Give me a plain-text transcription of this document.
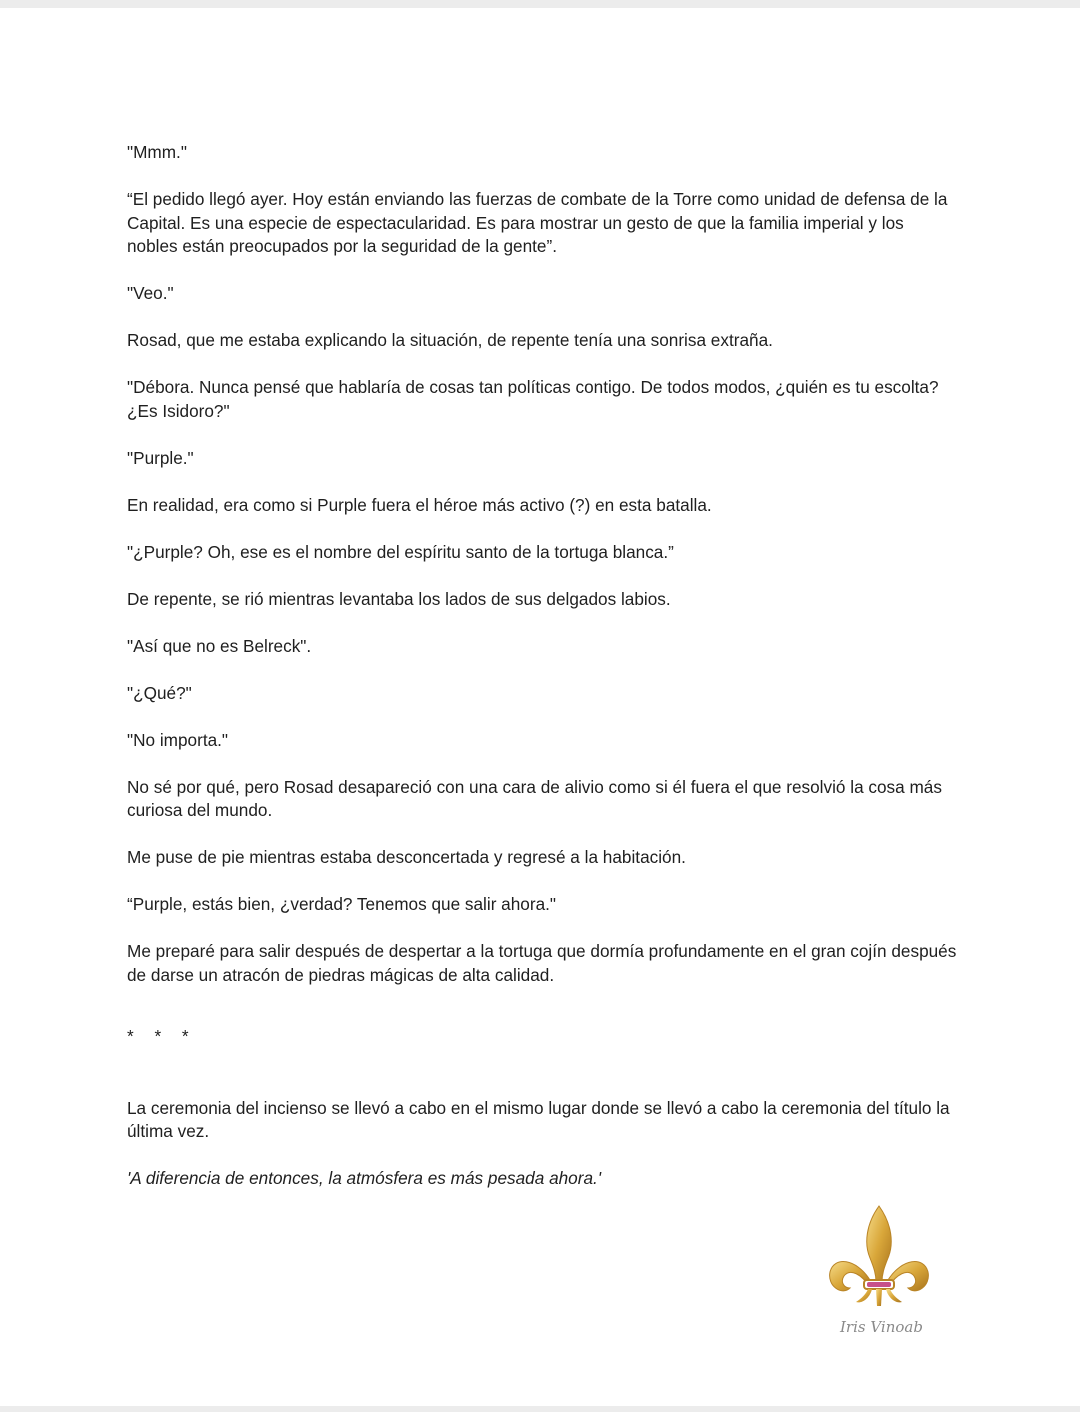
"Mmm."

“El pedido llegó ayer. Hoy están enviando las fuerzas de combate de la Torre como unidad de defensa de la Capital. Es una especie de espectacularidad. Es para mostrar un gesto de que la familia imperial y los nobles están preocupados por la seguridad de la gente”.

"Veo."

Rosad, que me estaba explicando la situación, de repente tenía una sonrisa extraña.

"Débora. Nunca pensé que hablaría de cosas tan políticas contigo. De todos modos, ¿quién es tu escolta? ¿Es Isidoro?"

"Purple."

En realidad, era como si Purple fuera el héroe más activo (?) en esta batalla.

"¿Purple? Oh, ese es el nombre del espíritu santo de la tortuga blanca.”

De repente, se rió mientras levantaba los lados de sus delgados labios.

"Así que no es Belreck".

"¿Qué?"

"No importa."

No sé por qué, pero Rosad desapareció con una cara de alivio como si él fuera el que resolvió la cosa más curiosa del mundo.

Me puse de pie mientras estaba desconcertada y regresé a la habitación.

“Purple, estás bien, ¿verdad? Tenemos que salir ahora."

Me preparé para salir después de despertar a la tortuga que dormía profundamente en el gran cojín después de darse un atracón de piedras mágicas de alta calidad.

* * *

La ceremonia del incienso se llevó a cabo en el mismo lugar donde se llevó a cabo la ceremonia del título la última vez.

'A diferencia de entonces, la atmósfera es más pesada ahora.'

Iris Vinoab
